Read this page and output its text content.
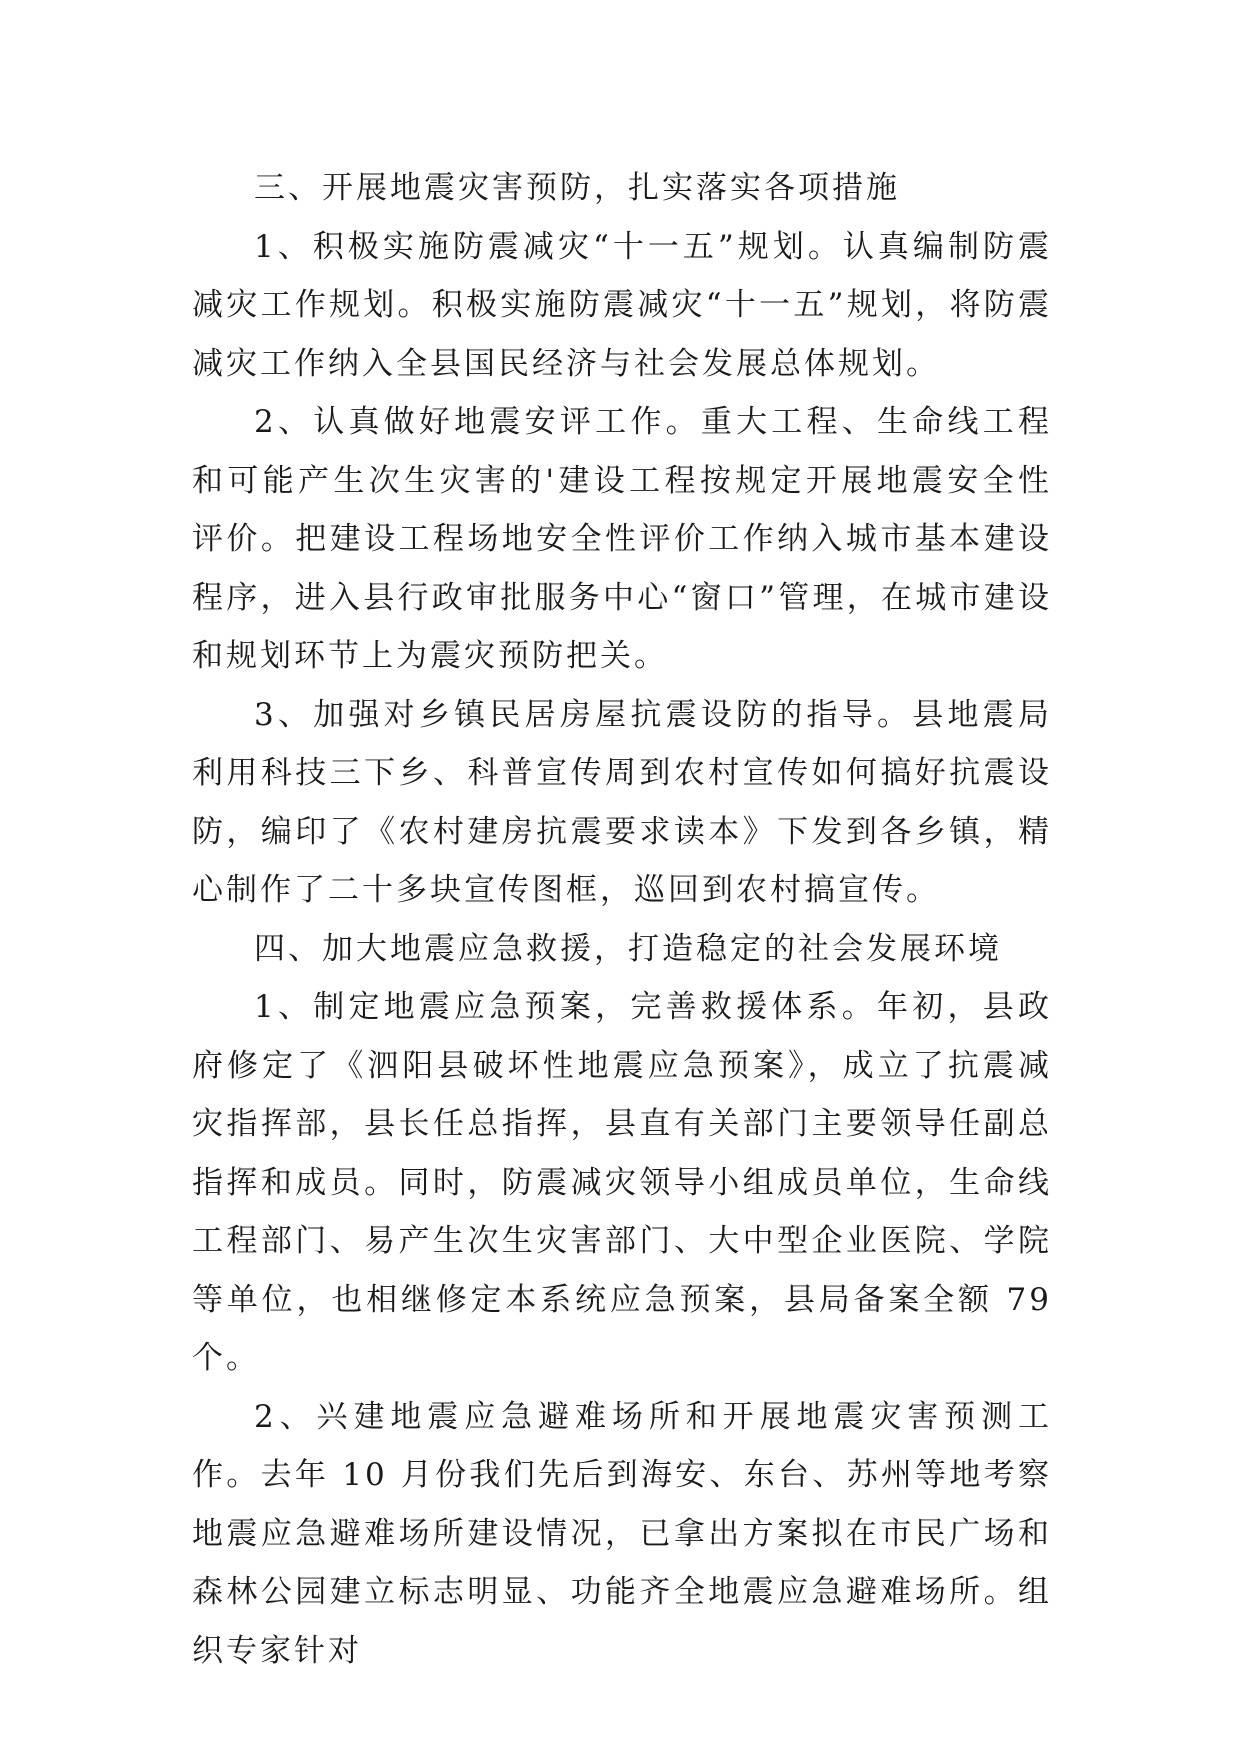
三、开展地震灾害预防，扎实落实各项措施

1、积极实施防震减灾“十一五”规划。认真编制防震减灾工作规划。积极实施防震减灾“十一五”规划，将防震减灾工作纳入全县国民经济与社会发展总体规划。

2、认真做好地震安评工作。重大工程、生命线工程和可能产生次生灾害的'建设工程按规定开展地震安全性评价。把建设工程场地安全性评价工作纳入城市基本建设程序，进入县行政审批服务中心“窗口”管理，在城市建设和规划环节上为震灾预防把关。

3、加强对乡镇民居房屋抗震设防的指导。县地震局利用科技三下乡、科普宣传周到农村宣传如何搞好抗震设防，编印了《农村建房抗震要求读本》下发到各乡镇，精心制作了二十多块宣传图框，巡回到农村搞宣传。

四、加大地震应急救援，打造稳定的社会发展环境

1、制定地震应急预案，完善救援体系。年初，县政府修定了《泗阳县破坏性地震应急预案》，成立了抗震减灾指挥部，县长任总指挥，县直有关部门主要领导任副总指挥和成员。同时，防震减灾领导小组成员单位，生命线工程部门、易产生次生灾害部门、大中型企业医院、学院等单位，也相继修定本系统应急预案，县局备案全额 79 个。

2、兴建地震应急避难场所和开展地震灾害预测工作。去年 10 月份我们先后到海安、东台、苏州等地考察地震应急避难场所建设情况，已拿出方案拟在市民广场和森林公园建立标志明显、功能齐全地震应急避难场所。组织专家针对
